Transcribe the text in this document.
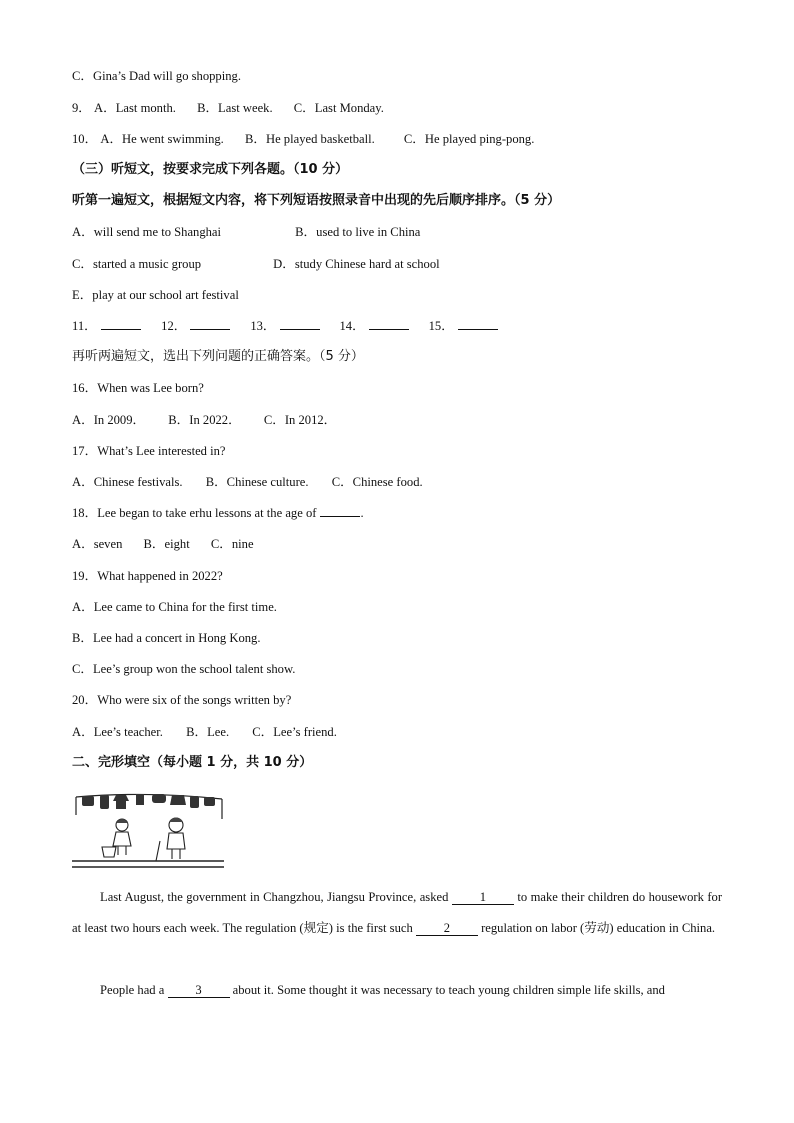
C．Gina’s Dad will go shopping.
9． A．Last month. B．Last week. C．Last Monday.
10． A．He went swimming. B．He played basketball. C．He played ping-pong.
（三）听短文，按要求完成下列各题。（10 分）
听第一遍短文，根据短文内容，将下列短语按照录音中出现的先后顺序排序。（5 分）
A．will send me to Shanghai	B．used to live in China
C．started a music group	D．study Chinese hard at school
E．play at our school art festival
11．	12．	13．	14．	15．
再听两遍短文，选出下列问题的正确答案。（5 分）
16．When was Lee born?
A．In 2009． B．In 2022． C．In 2012．
17．What’s Lee interested in?
A．Chinese festivals. B．Chinese culture. C．Chinese food.
18．Lee began to take erhu lessons at the age of	.
A．seven B．eight C．nine
19．What happened in 2022?
A．Lee came to China for the first time.
B．Lee had a concert in Hong Kong.
C．Lee’s group won the school talent show.
20．Who were six of the songs written by?
A．Lee’s teacher. B．Lee. C．Lee’s friend.
二、完形填空（每小题 1 分，共 10 分）
Last August, the government in Changzhou, Jiangsu Province, asked 1 to make their children do housework for at least two hours each week. The regulation (规定) is the first such 2 regulation on labor (劳动) education in China.
People had a 3 about it. Some thought it was necessary to teach young children simple life skills, and
